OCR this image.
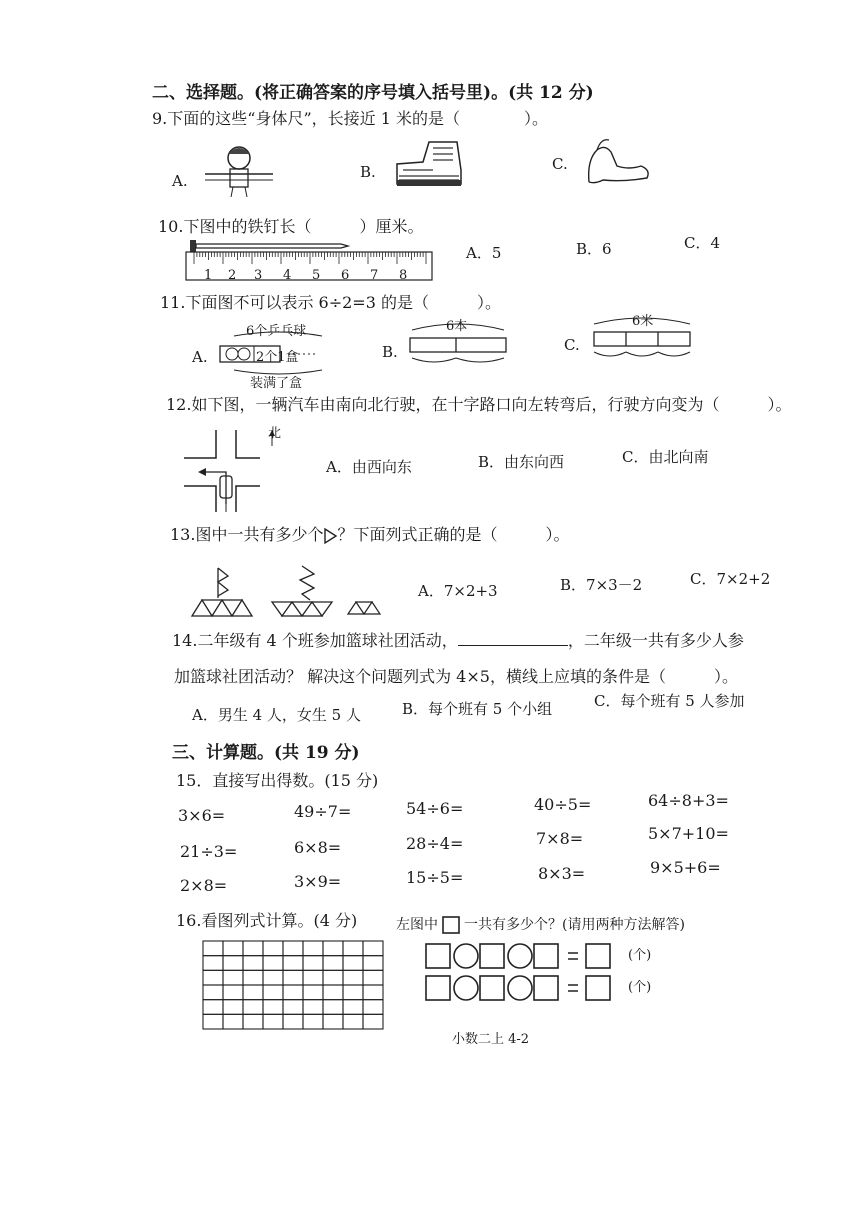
二、选择题。(将正确答案的序号填入括号里)。(共 12 分)
9.下面的这些“身体尺”，长接近 1 米的是（　　　　）。
A.	B.	C.
10.下图中的铁钉长（　　　）厘米。
1 2 3 4 5 6 7 8
A．5	B．6	C．4
11.下面图不可以表示 6÷2=3 的是（　　　）。
A.
6个乒乓球
2个1盒
装满了盒
B.
6本
C.
6米
12.如下图，一辆汽车由南向北行驶，在十字路口向左转弯后，行驶方向变为（　　　）。
北
A．由西向东	B．由东向西	C．由北向南
13.图中一共有多少个 ？下面列式正确的是（　　　）。
A．7×2+3	B．7×3－2	C．7×2+2
14.二年级有 4 个班参加篮球社团活动，	，二年级一共有多少人参
加篮球社团活动？ 解决这个问题列式为 4×5，横线上应填的条件是（　　　）。
A．男生 4 人，女生 5 人	B．每个班有 5 个小组	C．每个班有 5 人参加
三、计算题。(共 19 分)
15．直接写出得数。(15 分)
3×6=	49÷7=	54÷6=	40÷5=	64÷8+3=
21÷3=	6×8=	28÷4=	7×8=	5×7+10=
2×8=	3×9=	15÷5=	8×3=	9×5+6=
16.看图列式计算。(4 分)	左图中 一共有多少个？(请用两种方法解答)
(个)
(个)
小数二上 4-2
